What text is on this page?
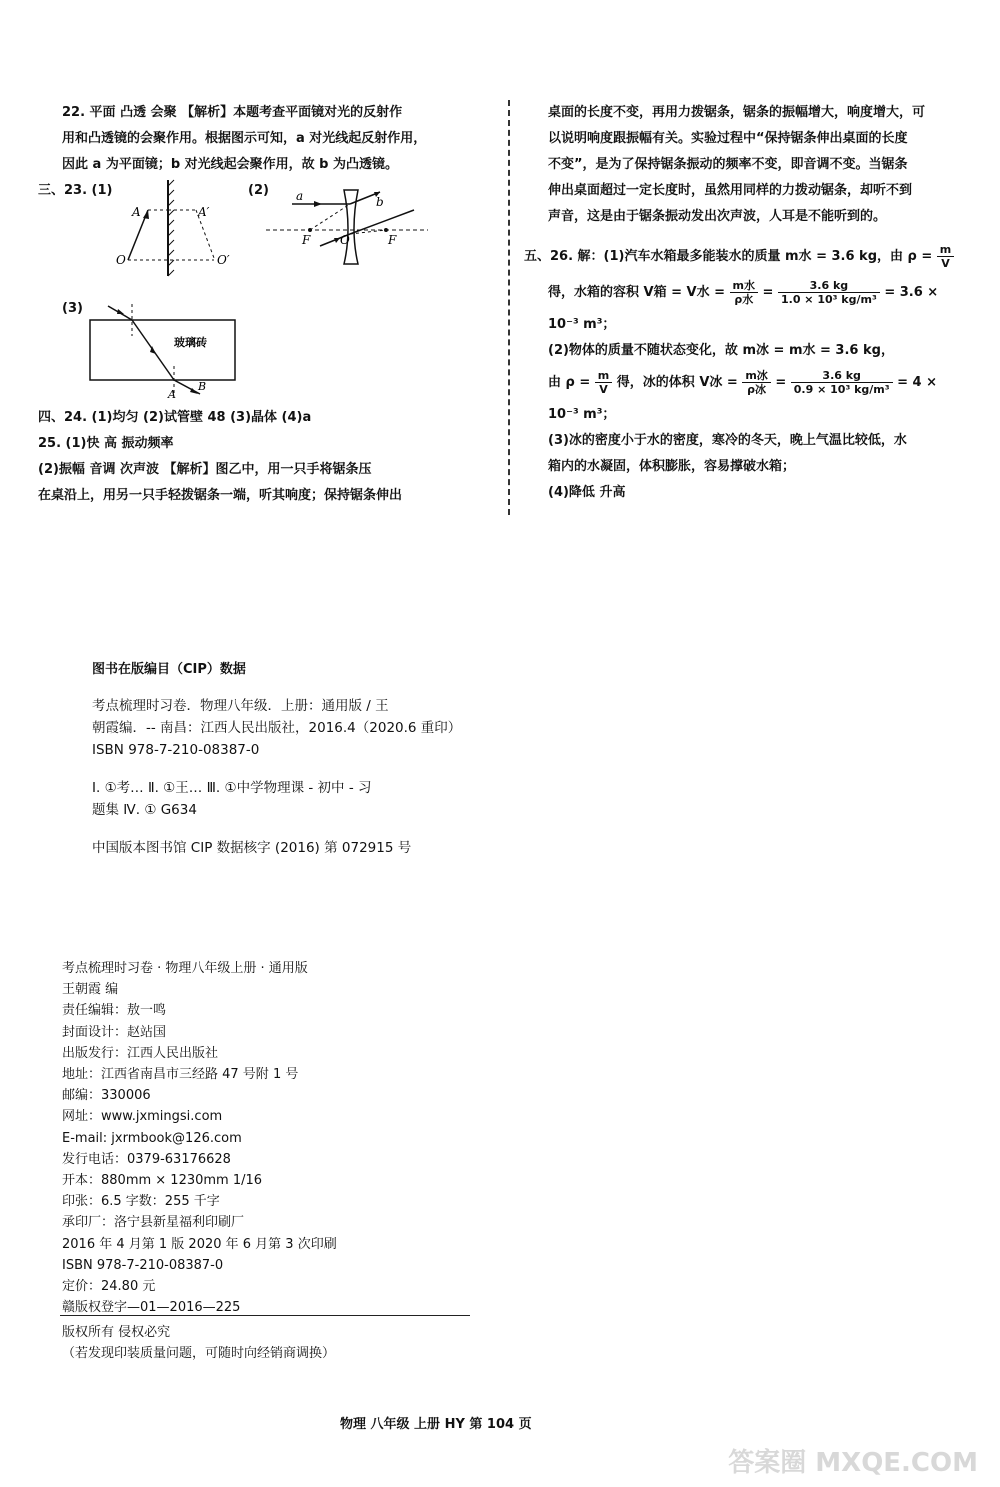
22. 平面 凸透 会聚 【解析】本题考查平面镜对光的反射作
用和凸透镜的会聚作用。根据图示可知，a 对光线起反射作用，
因此 a 为平面镜；b 对光线起会聚作用，故 b 为凸透镜。
三、23. (1)	(2)
(3)
A	A′
O	O′
a	b
F O	F
玻璃砖
A
B
四、24. (1)均匀 (2)试管壁 48 (3)晶体 (4)a
25. (1)快 高 振动频率
(2)振幅 音调 次声波 【解析】图乙中，用一只手将锯条压
在桌沿上，用另一只手轻拨锯条一端，听其响度；保持锯条伸出
桌面的长度不变，再用力拨锯条，锯条的振幅增大，响度增大，可
以说明响度跟振幅有关。实验过程中“保持锯条伸出桌面的长度
不变”，是为了保持锯条振动的频率不变，即音调不变。当锯条
伸出桌面超过一定长度时，虽然用同样的力拨动锯条，却听不到
声音，这是由于锯条振动发出次声波，人耳是不能听到的。
五、26. 解：(1)汽车水箱最多能装水的质量 m水 = 3.6 kg，由 $\rho = \frac{m}{V}$
得，水箱的容积 V箱 = V水 = $\frac{\text{m水}}{\text{ρ水}} = \frac{3.6 kg}{\text{1.0 × 10³ kg/m³}} = 3.6$ ×
10⁻³ m³；
(2)物体的质量不随状态变化，故 m冰 = m水 = 3.6 kg，
由 $\rho = \frac{m}{V}$ 得，冰的体积 V冰 = $\frac{\text{m冰}}{\text{ρ冰}} = \frac{3.6 kg}{\text{0.9 × 10³ kg/m³}} = 4$ ×
10⁻³ m³；
(3)冰的密度小于水的密度，寒冷的冬天，晚上气温比较低，水
箱内的水凝固，体积膨胀，容易撑破水箱；
(4)降低 升高
图书在版编目（CIP）数据
考点梳理时习卷．物理八年级．上册：通用版 / 王
朝霞编．-- 南昌：江西人民出版社，2016.4（2020.6 重印）
ISBN 978-7-210-08387-0
Ⅰ. ①考… Ⅱ. ①王… Ⅲ. ①中学物理课 - 初中 - 习
题集 Ⅳ. ① G634
中国版本图书馆 CIP 数据核字 (2016) 第 072915 号
考点梳理时习卷 · 物理八年级上册 · 通用版
王朝霞 编
责任编辑：敖一鸣
封面设计：赵站国
出版发行：江西人民出版社
地址：江西省南昌市三经路 47 号附 1 号
邮编：330006
网址：www.jxmingsi.com
E-mail: jxrmbook@126.com
发行电话：0379-63176628
开本：880mm × 1230mm 1/16
印张：6.5 字数：255 千字
承印厂：洛宁县新星福利印刷厂
2016 年 4 月第 1 版 2020 年 6 月第 3 次印刷
ISBN 978-7-210-08387-0
定价：24.80 元
赣版权登字—01—2016—225
版权所有 侵权必究
（若发现印装质量问题，可随时向经销商调换）
物理 八年级 上册 HY 第 104 页
答案圈 MXQE.COM
